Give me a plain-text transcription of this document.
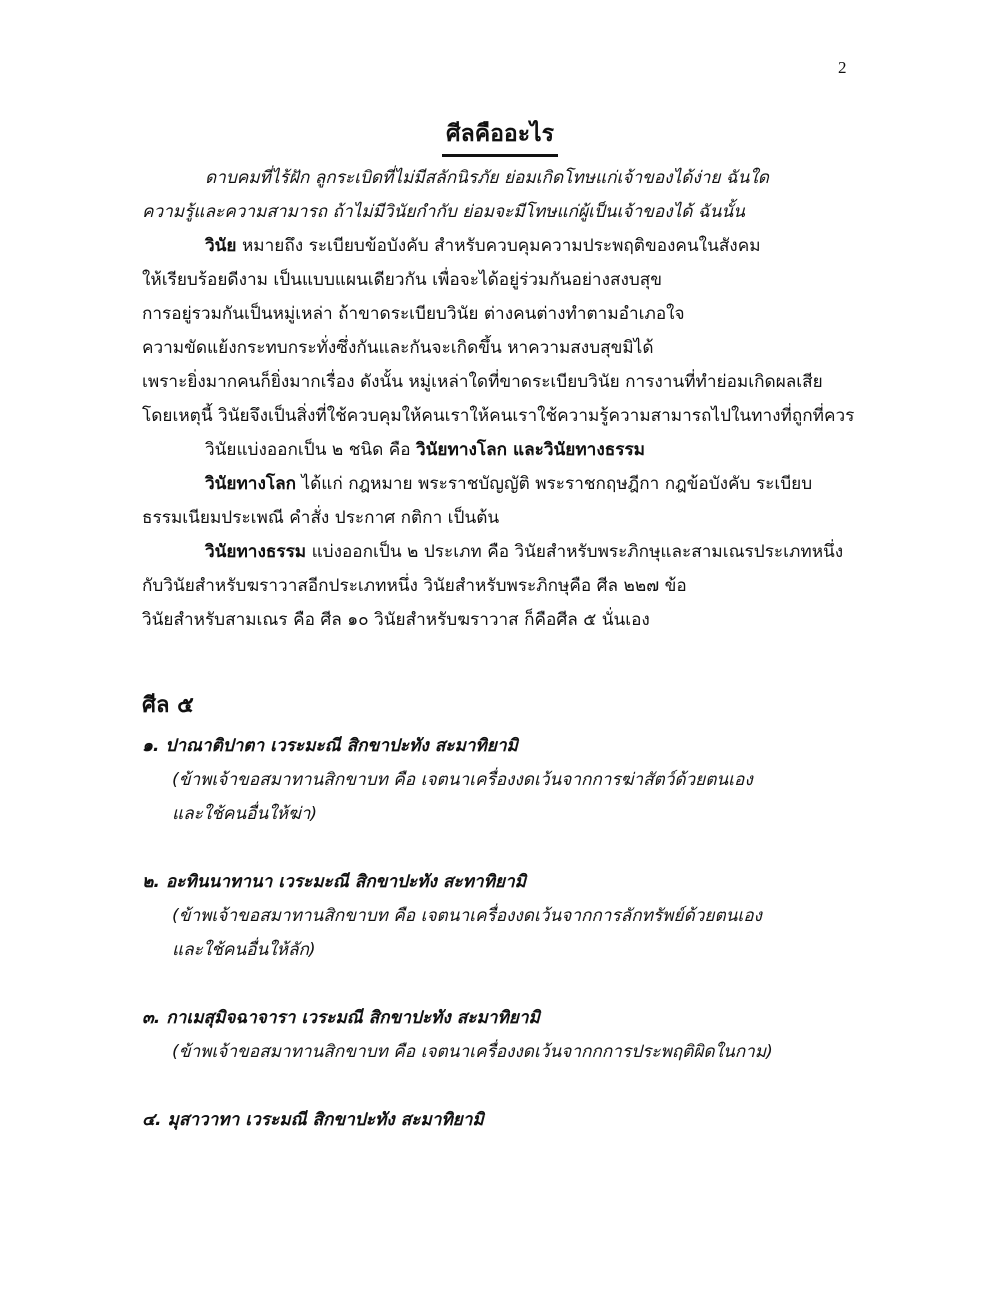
2
ศีลคืออะไร
ดาบคมที่ไร้ฝัก ลูกระเบิดที่ไม่มีสลักนิรภัย ย่อมเกิดโทษแก่เจ้าของได้ง่าย ฉันใด
ความรู้และความสามารถ ถ้าไม่มีวินัยกำกับ ย่อมจะมีโทษแก่ผู้เป็นเจ้าของได้ ฉันนั้น
วินัย หมายถึง ระเบียบข้อบังคับ สำหรับควบคุมความประพฤติของคนในสังคม
ให้เรียบร้อยดีงาม เป็นแบบแผนเดียวกัน เพื่อจะได้อยู่ร่วมกันอย่างสงบสุข
การอยู่รวมกันเป็นหมู่เหล่า ถ้าขาดระเบียบวินัย ต่างคนต่างทำตามอำเภอใจ
ความขัดแย้งกระทบกระทั่งซึ่งกันและกันจะเกิดขึ้น หาความสงบสุขมิได้
เพราะยิ่งมากคนก็ยิ่งมากเรื่อง ดังนั้น หมู่เหล่าใดที่ขาดระเบียบวินัย การงานที่ทำย่อมเกิดผลเสีย
โดยเหตุนี้ วินัยจึงเป็นสิ่งที่ใช้ควบคุมให้คนเราให้คนเราใช้ความรู้ความสามารถไปในทางที่ถูกที่ควร
วินัยแบ่งออกเป็น ๒ ชนิด คือ วินัยทางโลก และวินัยทางธรรม
วินัยทางโลก ได้แก่ กฎหมาย พระราชบัญญัติ พระราชกฤษฎีกา กฎข้อบังคับ ระเบียบ
ธรรมเนียมประเพณี คำสั่ง ประกาศ กติกา เป็นต้น
วินัยทางธรรม แบ่งออกเป็น ๒ ประเภท คือ วินัยสำหรับพระภิกษุและสามเณรประเภทหนึ่ง
กับวินัยสำหรับฆราวาสอีกประเภทหนึ่ง วินัยสำหรับพระภิกษุคือ ศีล ๒๒๗ ข้อ
วินัยสำหรับสามเณร คือ ศีล ๑๐ วินัยสำหรับฆราวาส ก็คือศีล ๕ นั่นเอง
ศีล ๕
๑. ปาณาติปาตา เวระมะณี สิกขาปะทัง สะมาทิยามิ
(ข้าพเจ้าขอสมาทานสิกขาบท คือ เจตนาเครื่องงดเว้นจากการฆ่าสัตว์ด้วยตนเอง
และใช้คนอื่นให้ฆ่า)
๒. อะทินนาทานา เวระมะณี สิกขาปะทัง สะทาทิยามิ
(ข้าพเจ้าขอสมาทานสิกขาบท คือ เจตนาเครื่องงดเว้นจากการลักทรัพย์ด้วยตนเอง
และใช้คนอื่นให้ลัก)
๓. กาเมสุมิจฉาจารา เวระมณี สิกขาปะทัง สะมาทิยามิ
(ข้าพเจ้าขอสมาทานสิกขาบท คือ เจตนาเครื่องงดเว้นจากกการประพฤติผิดในกาม)
๔. มุสาวาทา เวระมณี สิกขาปะทัง สะมาทิยามิ
